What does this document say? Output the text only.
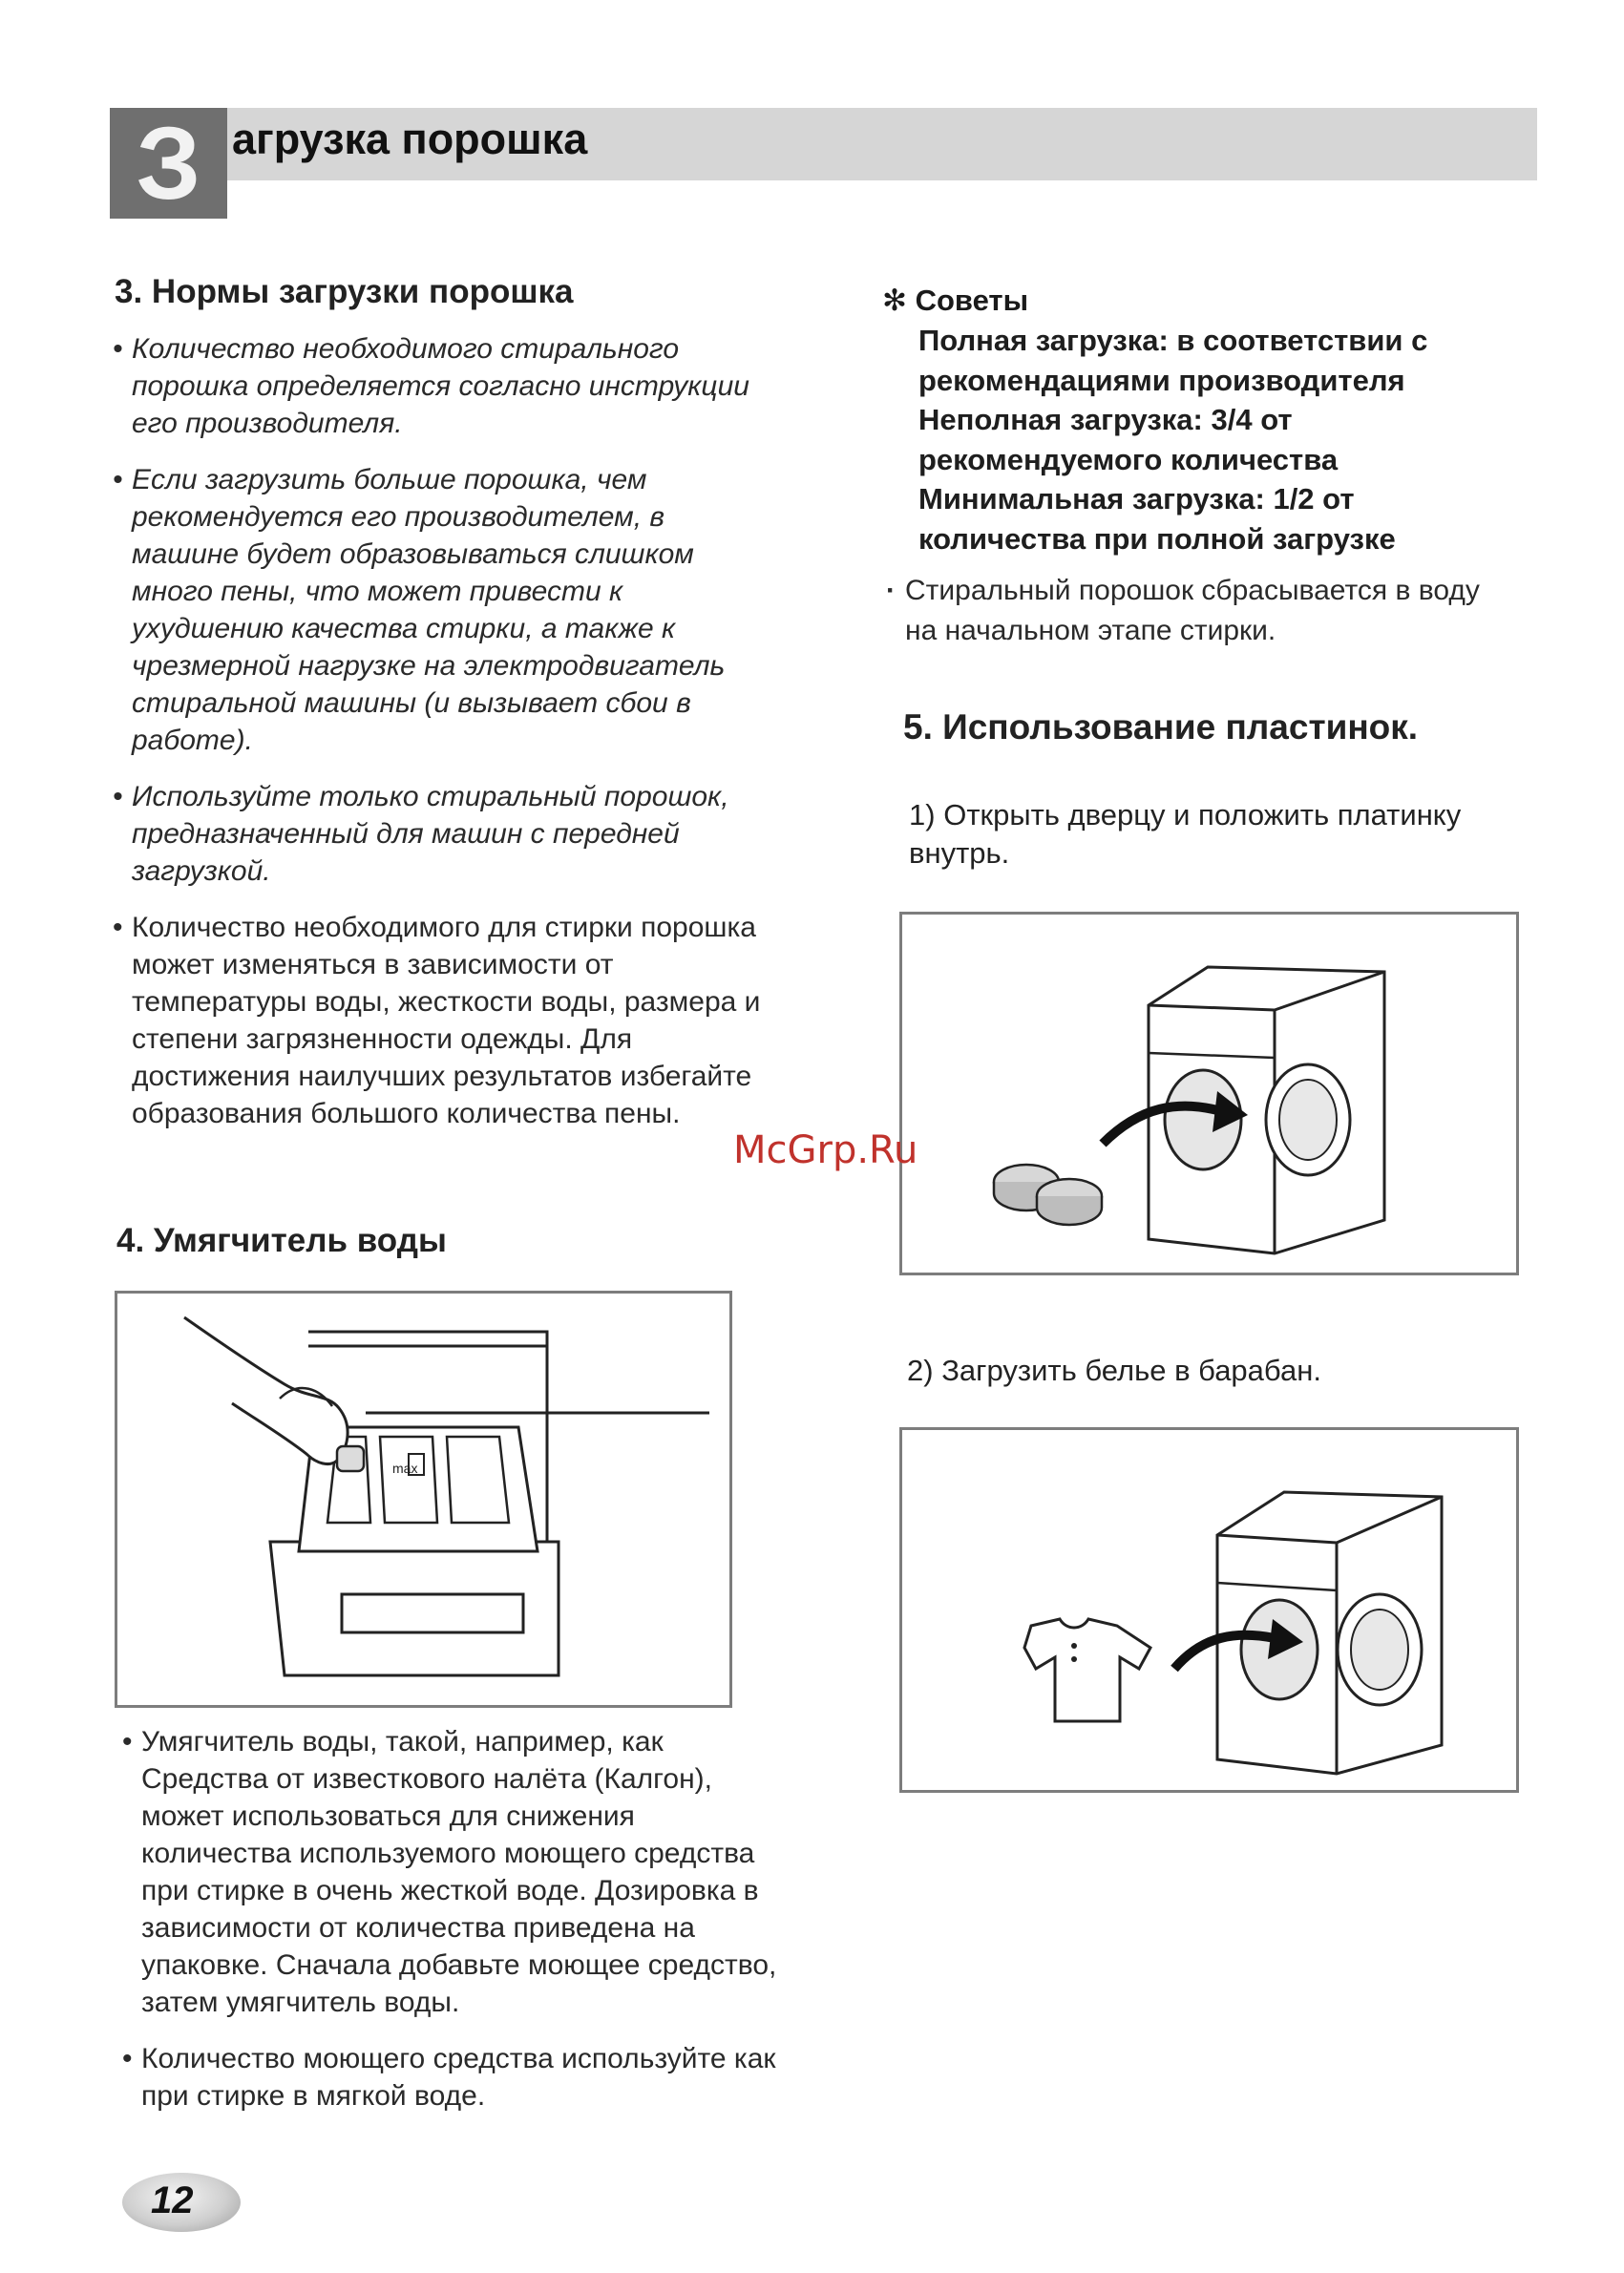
З агрузка порошка
3. Нормы загрузки порошка
• Количество необходимого стирального порошка определяется согласно инструкции его производителя.
• Если загрузить больше порошка, чем рекомендуется его производителем, в машине будет образовываться слишком много пены, что может привести к ухудшению качества стирки, а также к чрезмерной нагрузке на электродвигатель стиральной машины (и вызывает сбои в работе).
• Используйте только стиральный порошок, предназначенный для машин с передней загрузкой.
• Количество необходимого для стирки порошка может изменяться в зависимости от температуры воды, жесткости воды, размера и степени загрязненности одежды. Для достижения наилучших результатов избегайте образования большого количества пены.
4. Умягчитель воды
max
• Умягчитель воды, такой, например, как Средства от известкового налёта (Калгон), может использоваться для снижения количества используемого моющего средства при стирке в очень жесткой воде. Дозировка в зависимости от количества приведена на упаковке. Сначала добавьте моющее средство, затем умягчитель воды.
• Количество моющего средства используйте как при стирке в мягкой воде.
✻ Советы
Полная загрузка: в соответствии с
рекомендациями производителя
Неполная загрузка: 3/4 от
рекомендуемого количества
Минимальная загрузка: 1/2 от
количества при полной загрузке
· Стиральный порошок сбрасывается в воду на начальном этапе стирки.
5. Использование пластинок.
1) Открыть дверцу и положить платинку внутрь.
2) Загрузить белье в барабан.
McGrp.Ru
12
